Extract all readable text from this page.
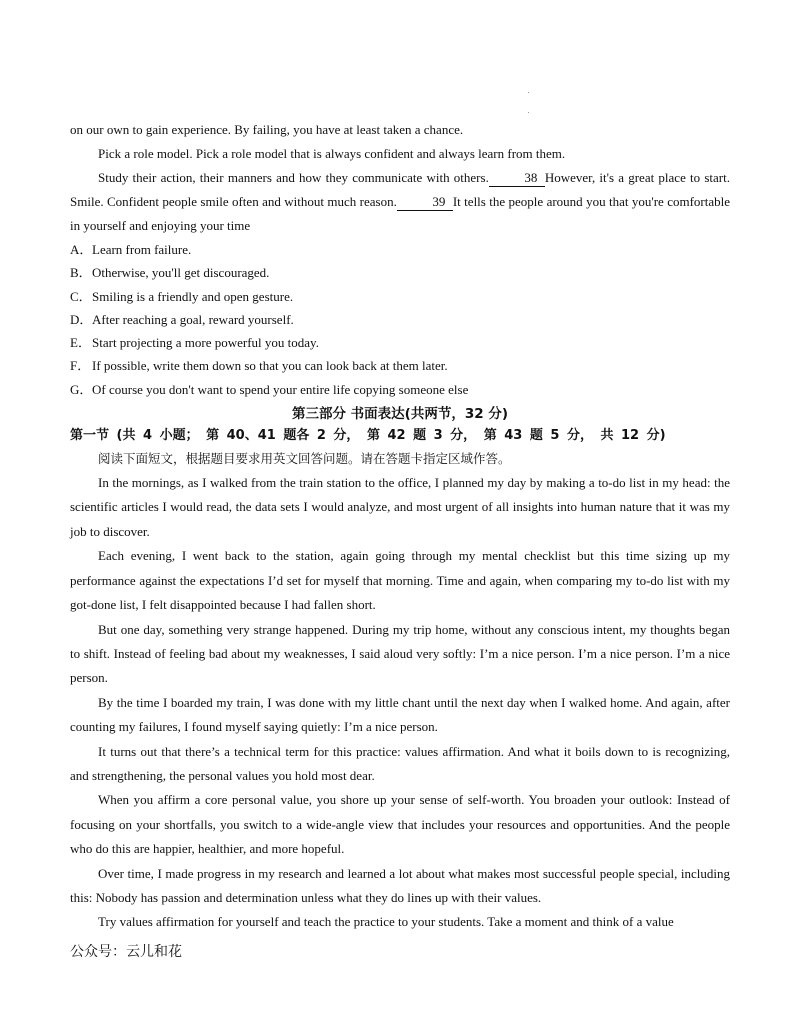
on our own to gain experience. By failing, you have at least taken a chance.

Pick a role model. Pick a role model that is always confident and always learn from them.

Study their action, their manners and how they communicate with others.	38 However, it's a great place to start. Smile. Confident people smile often and without much reason.	39 It tells the people around you that you're comfortable in yourself and enjoying your time

A．Learn from failure.

B．Otherwise, you'll get discouraged.

C．Smiling is a friendly and open gesture.

D．After reaching a goal, reward yourself.

E．Start projecting a more powerful you today.

F． If possible, write them down so that you can look back at them later.

G．Of course you don't want to spend your entire life copying someone else

第三部分 书面表达(共两节，32 分)

第一节 (共 4 小题； 第 40、41 题各 2 分， 第 42 题 3 分， 第 43 题 5 分， 共 12 分)

阅读下面短文，根据题目要求用英文回答问题。请在答题卡指定区域作答。

In the mornings, as I walked from the train station to the office, I planned my day by making a to-do list in my head: the scientific articles I would read, the data sets I would analyze, and most urgent of all insights into human nature that it was my job to discover.

Each evening, I went back to the station, again going through my mental checklist but this time sizing up my performance against the expectations I’d set for myself that morning. Time and again, when comparing my to-do list with my got-done list, I felt disappointed because I had fallen short.

But one day, something very strange happened. During my trip home, without any conscious intent, my thoughts began to shift. Instead of feeling bad about my weaknesses, I said aloud very softly: I’m a nice person. I’m a nice person. I’m a nice person.

By the time I boarded my train, I was done with my little chant until the next day when I walked home. And again, after counting my failures, I found myself saying quietly: I’m a nice person.

It turns out that there’s a technical term for this practice: values affirmation. And what it boils down to is recognizing, and strengthening, the personal values you hold most dear.

When you affirm a core personal value, you shore up your sense of self-worth. You broaden your outlook: Instead of focusing on your shortfalls, you switch to a wide-angle view that includes your resources and opportunities. And the people who do this are happier, healthier, and more hopeful.

Over time, I made progress in my research and learned a lot about what makes most successful people special, including this: Nobody has passion and determination unless what they do lines up with their values.

Try values affirmation for yourself and teach the practice to your students. Take a moment and think of a value

公众号：云儿和花
